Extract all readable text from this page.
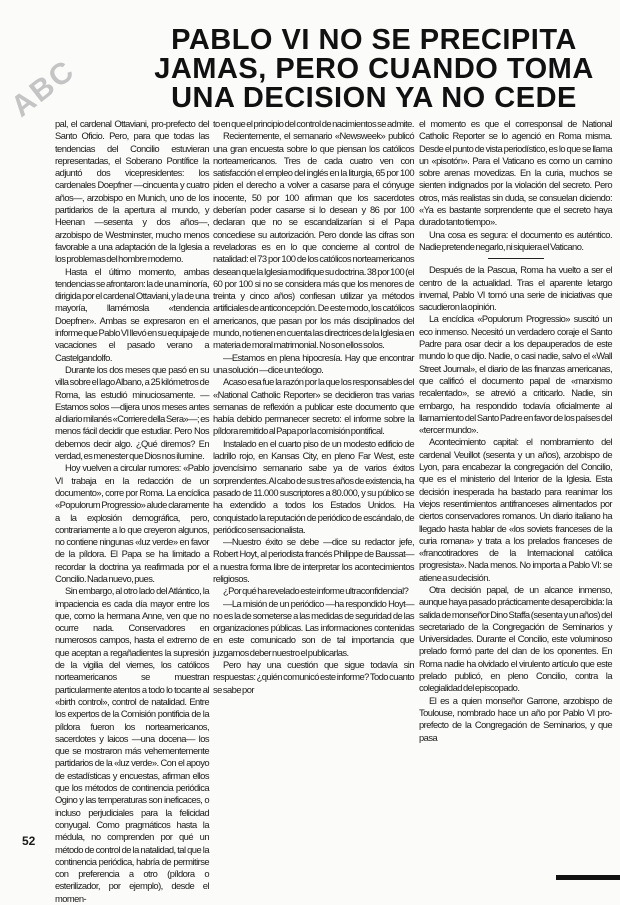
ABC
PABLO VI NO SE PRECIPITA
JAMAS, PERO CUANDO TOMA
UNA DECISION YA NO CEDE

pal, el cardenal Ottaviani, pro-prefecto del Santo Oficio. Pero, para que todas las tendencias del Concilio estuvieran representadas, el Soberano Pontífice la adjuntó dos vicepresidentes: los cardenales Doepfner —cincuenta y cuatro años—, arzobispo en Munich, uno de los partidarios de la apertura al mundo, y Heenan —sesenta y dos años—, arzobispo de Westminster, mucho menos favorable a una adaptación de la Iglesia a los problemas del hombre moderno.

Hasta el último momento, ambas tendencias se afrontaron: la de una minoría, dirigida por el cardenal Ottaviani, y la de una mayoría, llamémosla «tendencia Doepfner». Ambas se expresaron en el informe que Pablo VI llevó en su equipaje de vacaciones el pasado verano a Castelgandolfo.

Durante los dos meses que pasó en su villa sobre el lago Albano, a 25 kilómetros de Roma, las estudió minuciosamente. —Estamos solos —dijera unos meses antes al diario milanés «Corriere della Sera»—; es menos fácil decidir que estudiar. Pero Nos debemos decir algo. ¿Qué diremos? En verdad, es menester que Dios nos ilumine.

Hoy vuelven a circular rumores: «Pablo VI trabaja en la redacción de un documento», corre por Roma. La encíclica «Populorum Progressio» alude claramente a la explosión demográfica, pero, contrariamente a lo que creyeron algunos, no contiene ningunas «luz verde» en favor de la píldora. El Papa se ha limitado a recordar la doctrina ya reafirmada por el Concilio. Nada nuevo, pues.

Sin embargo, al otro lado del Atlántico, la impaciencia es cada día mayor entre los que, como la hermana Anne, ven que no ocurre nada. Conservadores en numerosos campos, hasta el extremo de que aceptan a regañadientes la supresión de la vigilia del viernes, los católicos norteamericanos se muestran particularmente atentos a todo lo tocante al «birth control», control de natalidad. Entre los expertos de la Comisión pontificia de la píldora fueron los norteamericanos, sacerdotes y laicos —una docena— los que se mostraron más vehementemente partidarios de la «luz verde». Con el apoyo de estadísticas y encuestas, afirman ellos que los métodos de continencia periódica Ogino y las temperaturas son ineficaces, o incluso perjudiciales para la felicidad conyugal. Como pragmáticos hasta la médula, no comprenden por qué un método de control de la natalidad, tal que la continencia periódica, habría de permitirse con preferencia a otro (píldora o esterilizador, por ejemplo), desde el momen-

to en que el principio del control de nacimientos se admite.

Recientemente, el semanario «Newsweek» publicó una gran encuesta sobre lo que piensan los católicos norteamericanos. Tres de cada cuatro ven con satisfacción el empleo del inglés en la liturgia, 65 por 100 piden el derecho a volver a casarse para el cónyuge inocente, 50 por 100 afirman que los sacerdotes deberían poder casarse si lo desean y 86 por 100 declaran que no se escandalizarían si el Papa concediese su autorización. Pero donde las cifras son reveladoras es en lo que concierne al control de natalidad: el 73 por 100 de los católicos norteamericanos desean que la Iglesia modifique su doctrina. 38 por 100 (el 60 por 100 si no se considera más que los menores de treinta y cinco años) confiesan utilizar ya métodos artificiales de anticoncepción. De este modo, los católicos americanos, que pasan por los más disciplinados del mundo, no tienen en cuenta las directrices de la Iglesia en materia de moral matrimonial. No son ellos solos.

—Estamos en plena hipocresía. Hay que encontrar una solución —dice un teólogo.

Acaso esa fue la razón por la que los responsables del «National Catholic Reporter» se decidieron tras varias semanas de reflexión a publicar este documento que había debido permanecer secreto: el informe sobre la píldora remitido al Papa por la comisión pontifical.

Instalado en el cuarto piso de un modesto edificio de ladrillo rojo, en Kansas City, en pleno Far West, este jovencísimo semanario sabe ya de varios éxitos sorprendentes. Al cabo de sus tres años de existencia, ha pasado de 11.000 suscriptores a 80.000, y su público se ha extendido a todos los Estados Unidos. Ha conquistado la reputación de periódico de escándalo, de periódico sensacionalista.

—Nuestro éxito se debe —dice su redactor jefe, Robert Hoyt, al periodista francés Philippe de Baussat— a nuestra forma libre de interpretar los acontecimientos religiosos.

¿Por qué ha revelado este informe ultraconfidencial?

—La misión de un periódico —ha respondido Hoyt— no es la de someterse a las medidas de seguridad de las organizaciones públicas. Las informaciones contenidas en este comunicado son de tal importancia que juzgamos deber nuestro el publicarlas.

Pero hay una cuestión que sigue todavía sin respuestas: ¿quién comunicó este informe? Todo cuanto se sabe por

el momento es que el corresponsal de National Catholic Reporter se lo agenció en Roma misma. Desde el punto de vista periodístico, es lo que se llama un «pisotón». Para el Vaticano es como un camino sobre arenas movedizas. En la curia, muchos se sienten indignados por la violación del secreto. Pero otros, más realistas sin duda, se consuelan diciendo: «Ya es bastante sorprendente que el secreto haya durado tanto tiempo».

Una cosa es segura: el documento es auténtico. Nadie pretende negarlo, ni siquiera el Vaticano.

Después de la Pascua, Roma ha vuelto a ser el centro de la actualidad. Tras el aparente letargo invernal, Pablo VI tomó una serie de iniciativas que sacudieron la opinión.

La encíclica «Populorum Progressio» suscitó un eco inmenso. Necesitó un verdadero coraje el Santo Padre para osar decir a los depauperados de este mundo lo que dijo. Nadie, o casi nadie, salvo el «Wall Street Journal», el diario de las finanzas americanas, que calificó el documento papal de «marxismo recalentado», se atrevió a criticarlo. Nadie, sin embargo, ha respondido todavía oficialmente al llamamiento del Santo Padre en favor de los países del «tercer mundo».

Acontecimiento capital: el nombramiento del cardenal Veuillot (sesenta y un años), arzobispo de Lyon, para encabezar la congregación del Concilio, que es el ministerio del Interior de la Iglesia. Esta decisión inesperada ha bastado para reanimar los viejos resentimientos antifranceses alimentados por ciertos conservadores romanos. Un diario italiano ha llegado hasta hablar de «los soviets franceses de la curia romana» y trata a los prelados franceses de «francotiradores de la Internacional católica progresista». Nada menos. No importa a Pablo VI: se atiene a su decisión.

Otra decisión papal, de un alcance inmenso, aunque haya pasado prácticamente desapercibida: la salida de monseñor Dino Staffa (sesenta y un años) del secretariado de la Congregación de Seminarios y Universidades. Durante el Concilio, este voluminoso prelado formó parte del clan de los oponentes. En Roma nadie ha olvidado el virulento artículo que este prelado publicó, en pleno Concilio, contra la colegialidad del episcopado.

El es a quien monseñor Garrone, arzobispo de Toulouse, nombrado hace un año por Pablo VI pro-prefecto de la Congregación de Seminarios, y que pasa

52
